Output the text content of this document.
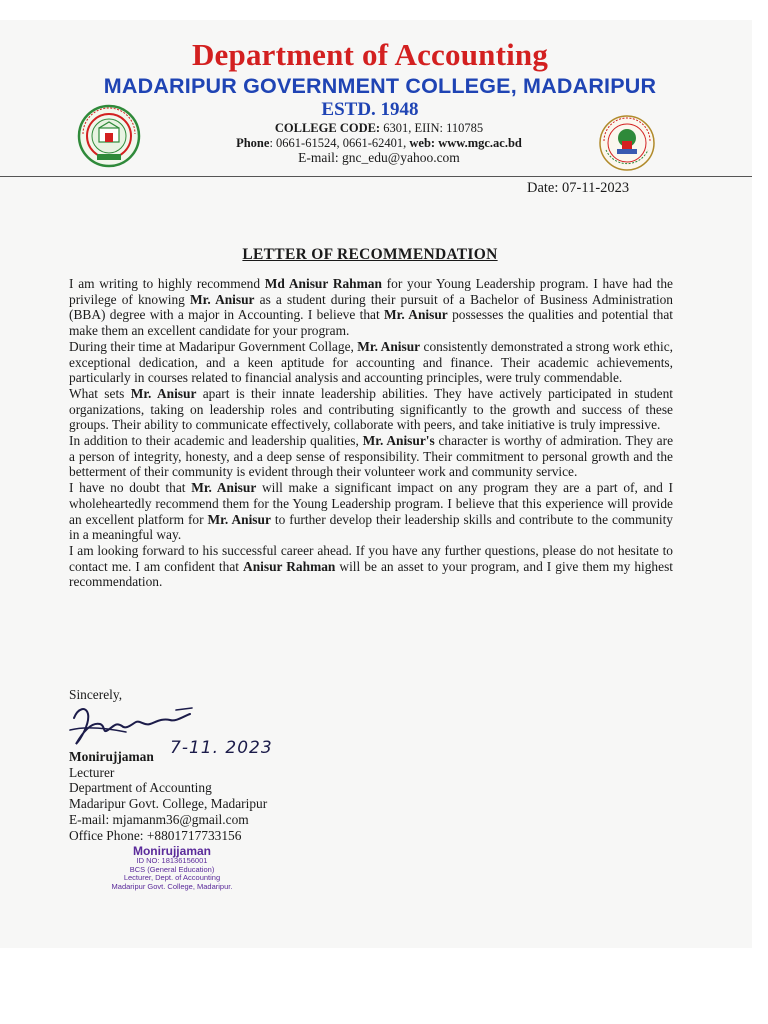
Department of Accounting
MADARIPUR GOVERNMENT COLLEGE, MADARIPUR
ESTD. 1948
COLLEGE CODE: 6301, EIIN: 110785
Phone: 0661-61524, 0661-62401, web: www.mgc.ac.bd
E-mail: gnc_edu@yahoo.com
Date: 07-11-2023
LETTER OF RECOMMENDATION

I am writing to highly recommend Md Anisur Rahman for your Young Leadership program. I have had the privilege of knowing Mr. Anisur as a student during their pursuit of a Bachelor of Business Administration (BBA) degree with a major in Accounting. I believe that Mr. Anisur possesses the qualities and potential that make them an excellent candidate for your program.

During their time at Madaripur Government Collage, Mr. Anisur consistently demonstrated a strong work ethic, exceptional dedication, and a keen aptitude for accounting and finance. Their academic achievements, particularly in courses related to financial analysis and accounting principles, were truly commendable.

What sets Mr. Anisur apart is their innate leadership abilities. They have actively participated in student organizations, taking on leadership roles and contributing significantly to the growth and success of these groups. Their ability to communicate effectively, collaborate with peers, and take initiative is truly impressive.

In addition to their academic and leadership qualities, Mr. Anisur's character is worthy of admiration. They are a person of integrity, honesty, and a deep sense of responsibility. Their commitment to personal growth and the betterment of their community is evident through their volunteer work and community service.

I have no doubt that Mr. Anisur will make a significant impact on any program they are a part of, and I wholeheartedly recommend them for the Young Leadership program. I believe that this experience will provide an excellent platform for Mr. Anisur to further develop their leadership skills and contribute to the community in a meaningful way.

I am looking forward to his successful career ahead. If you have any further questions, please do not hesitate to contact me. I am confident that Anisur Rahman will be an asset to your program, and I give them my highest recommendation.

Sincerely,
7-11. 2023
Monirujjaman
Lecturer
Department of Accounting
Madaripur Govt. College, Madaripur
E-mail: mjamanm36@gmail.com
Office Phone: +8801717733156
Monirujjaman
ID NO: 18136156001
BCS (General Education)
Lecturer, Dept. of Accounting
Madaripur Govt. College, Madaripur.
